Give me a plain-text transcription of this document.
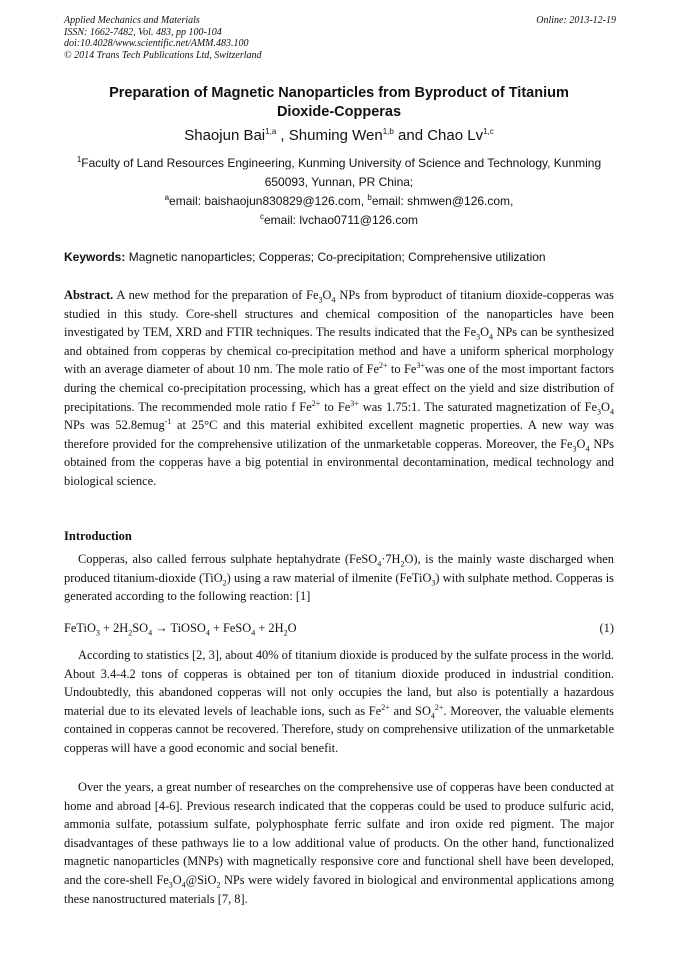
Applied Mechanics and Materials
ISSN: 1662-7482, Vol. 483, pp 100-104
doi:10.4028/www.scientific.net/AMM.483.100
© 2014 Trans Tech Publications Ltd, Switzerland
Online: 2013-12-19
Preparation of Magnetic Nanoparticles from Byproduct of Titanium
Dioxide-Copperas
Shaojun Bai$^{1,a}$ , Shuming Wen$^{1,b}$ and Chao Lv$^{1,c}$
$^1$Faculty of Land Resources Engineering, Kunming University of Science and Technology, Kunming
650093, Yunnan, PR China;
$^a$email: baishaojun830829@126.com, $^b$email: shmwen@126.com,
$^c$email: lvchao0711@126.com
Keywords: Magnetic nanoparticles; Copperas; Co-precipitation; Comprehensive utilization
Abstract. A new method for the preparation of $Fe_3O_4$ NPs from byproduct of titanium dioxide-copperas was studied in this study. Core-shell structures and chemical composition of the nanoparticles have been investigated by TEM, XRD and FTIR techniques. The results indicated that the $Fe_3O_4$ NPs can be synthesized and obtained from copperas by chemical co-precipitation method and have a uniform spherical morphology with an average diameter of about 10 nm. The mole ratio of $Fe^{2+}$ to $Fe^{3+}was$ one of the most important factors during the chemical co-precipitation processing, which has a great effect on the yield and size distribution of precipitations. The recommended mole ratio f $Fe^{2+}$ to $Fe^{3+}$ was 1.75:1. The saturated magnetization of $Fe_3O_4$ NPs was 52.8emug$^{-1}$ at 25°C and this material exhibited excellent magnetic properties. A new way was therefore provided for the comprehensive utilization of the unmarketable copperas. Moreover, the $Fe_3O_4$ NPs obtained from the copperas have a big potential in environmental decontamination, medical technology and biological science.
Introduction
Copperas, also called ferrous sulphate heptahydrate $(FeSO_4\cdot 7H_2O)$, is the mainly waste discharged when produced titanium-dioxide (TiO$_2$) using a raw material of ilmenite (FeTiO$_3$) with sulphate method. Copperas is generated according to the following reaction: [1]
FeTiO$_3$ + $2H_2SO_4$ → TiOSO$_4$ + FeSO$_4$ + $2H_2O$	(1)
According to statistics [2, 3], about 40% of titanium dioxide is produced by the sulfate process in the world. About 3.4-4.2 tons of copperas is obtained per ton of titanium dioxide produced in industrial condition. Undoubtedly, this abandoned copperas will not only occupies the land, but also is potentially a hazardous material due to its elevated levels of leachable ions, such as $Fe^{2+}$ and $SO_4^{2+}$. Moreover, the valuable elements contained in copperas cannot be recovered. Therefore, study on comprehensive utilization of the unmarketable copperas will have a good economic and social benefit.
Over the years, a great number of researches on the comprehensive use of copperas have been conducted at home and abroad [4-6]. Previous research indicated that the copperas could be used to produce sulfuric acid, ammonia sulfate, potassium sulfate, polyphosphate ferric sulfate and iron oxide red pigment. The major disadvantages of these pathways lie to a low additional value of products. On the other hand, functionalized magnetic nanoparticles (MNPs) with magnetically responsive core and functional shell have been developed, and the core-shell $Fe_3O_4@SiO_2$ NPs were widely favored in biological and environmental applications among these nanostructured materials [7, 8].
